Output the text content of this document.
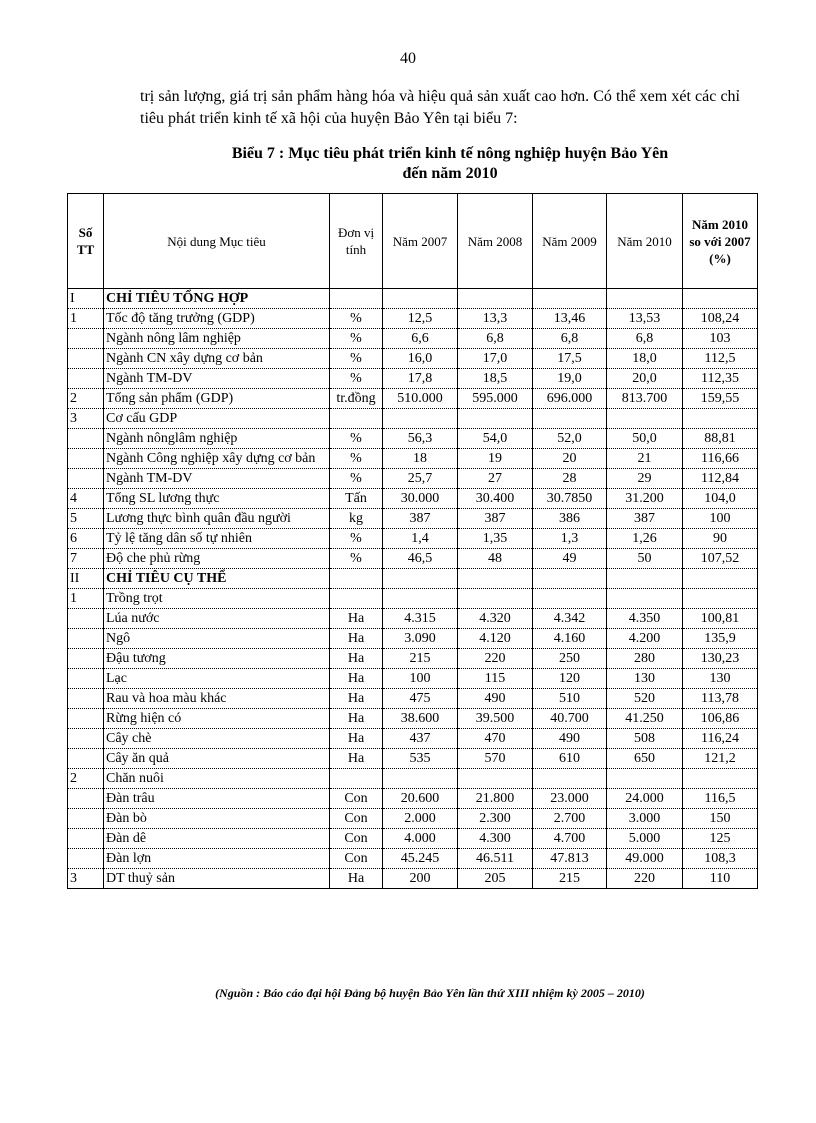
40
trị sản lượng, giá trị sản phẩm hàng hóa và hiệu quả sản xuất cao hơn. Có thể xem xét các chỉ tiêu phát triển kinh tế xã hội của huyện Bảo Yên tại biểu 7:
Biểu 7 : Mục tiêu phát triển kinh tế nông nghiệp huyện Bảo Yên
đến năm 2010
Số TT	Nội dung Mục tiêu	Đơn vị tính	Năm 2007	Năm 2008	Năm 2009	Năm 2010	Năm 2010 so với 2007 (%)
I	CHỈ TIÊU TỔNG HỢP						
1	Tốc độ tăng trưởng (GDP)	%	12,5	13,3	13,46	13,53	108,24
	Ngành nông lâm nghiệp	%	6,6	6,8	6,8	6,8	103
	Ngành CN xây dựng cơ bản	%	16,0	17,0	17,5	18,0	112,5
	Ngành TM-DV	%	17,8	18,5	19,0	20,0	112,35
2	Tổng sản phẩm (GDP)	tr.đồng	510.000	595.000	696.000	813.700	159,55
3	Cơ cấu GDP						
	Ngành nônglâm nghiệp	%	56,3	54,0	52,0	50,0	88,81
	Ngành Công nghiệp xây dựng cơ bản	%	18	19	20	21	116,66
	Ngành TM-DV	%	25,7	27	28	29	112,84
4	Tổng SL lương thực	Tấn	30.000	30.400	30.7850	31.200	104,0
5	Lương thực bình quân đầu người	kg	387	387	386	387	100
6	Tỷ lệ tăng dân số tự nhiên	%	1,4	1,35	1,3	1,26	90
7	Độ che phủ rừng	%	46,5	48	49	50	107,52
II	CHỈ TIÊU CỤ THỂ						
1	Trồng trọt						
	Lúa nước	Ha	4.315	4.320	4.342	4.350	100,81
	Ngô	Ha	3.090	4.120	4.160	4.200	135,9
	Đậu tương	Ha	215	220	250	280	130,23
	Lạc	Ha	100	115	120	130	130
	Rau và hoa màu khác	Ha	475	490	510	520	113,78
	Rừng hiện có	Ha	38.600	39.500	40.700	41.250	106,86
	Cây chè	Ha	437	470	490	508	116,24
	Cây ăn quả	Ha	535	570	610	650	121,2
2	Chăn nuôi						
	Đàn trâu	Con	20.600	21.800	23.000	24.000	116,5
	Đàn bò	Con	2.000	2.300	2.700	3.000	150
	Đàn dê	Con	4.000	4.300	4.700	5.000	125
	Đàn lợn	Con	45.245	46.511	47.813	49.000	108,3
3	DT thuỷ sản	Ha	200	205	215	220	110
(Nguồn : Báo cáo đại hội Đảng bộ huyện Bảo Yên lần thứ XIII nhiệm kỳ 2005 – 2010)
